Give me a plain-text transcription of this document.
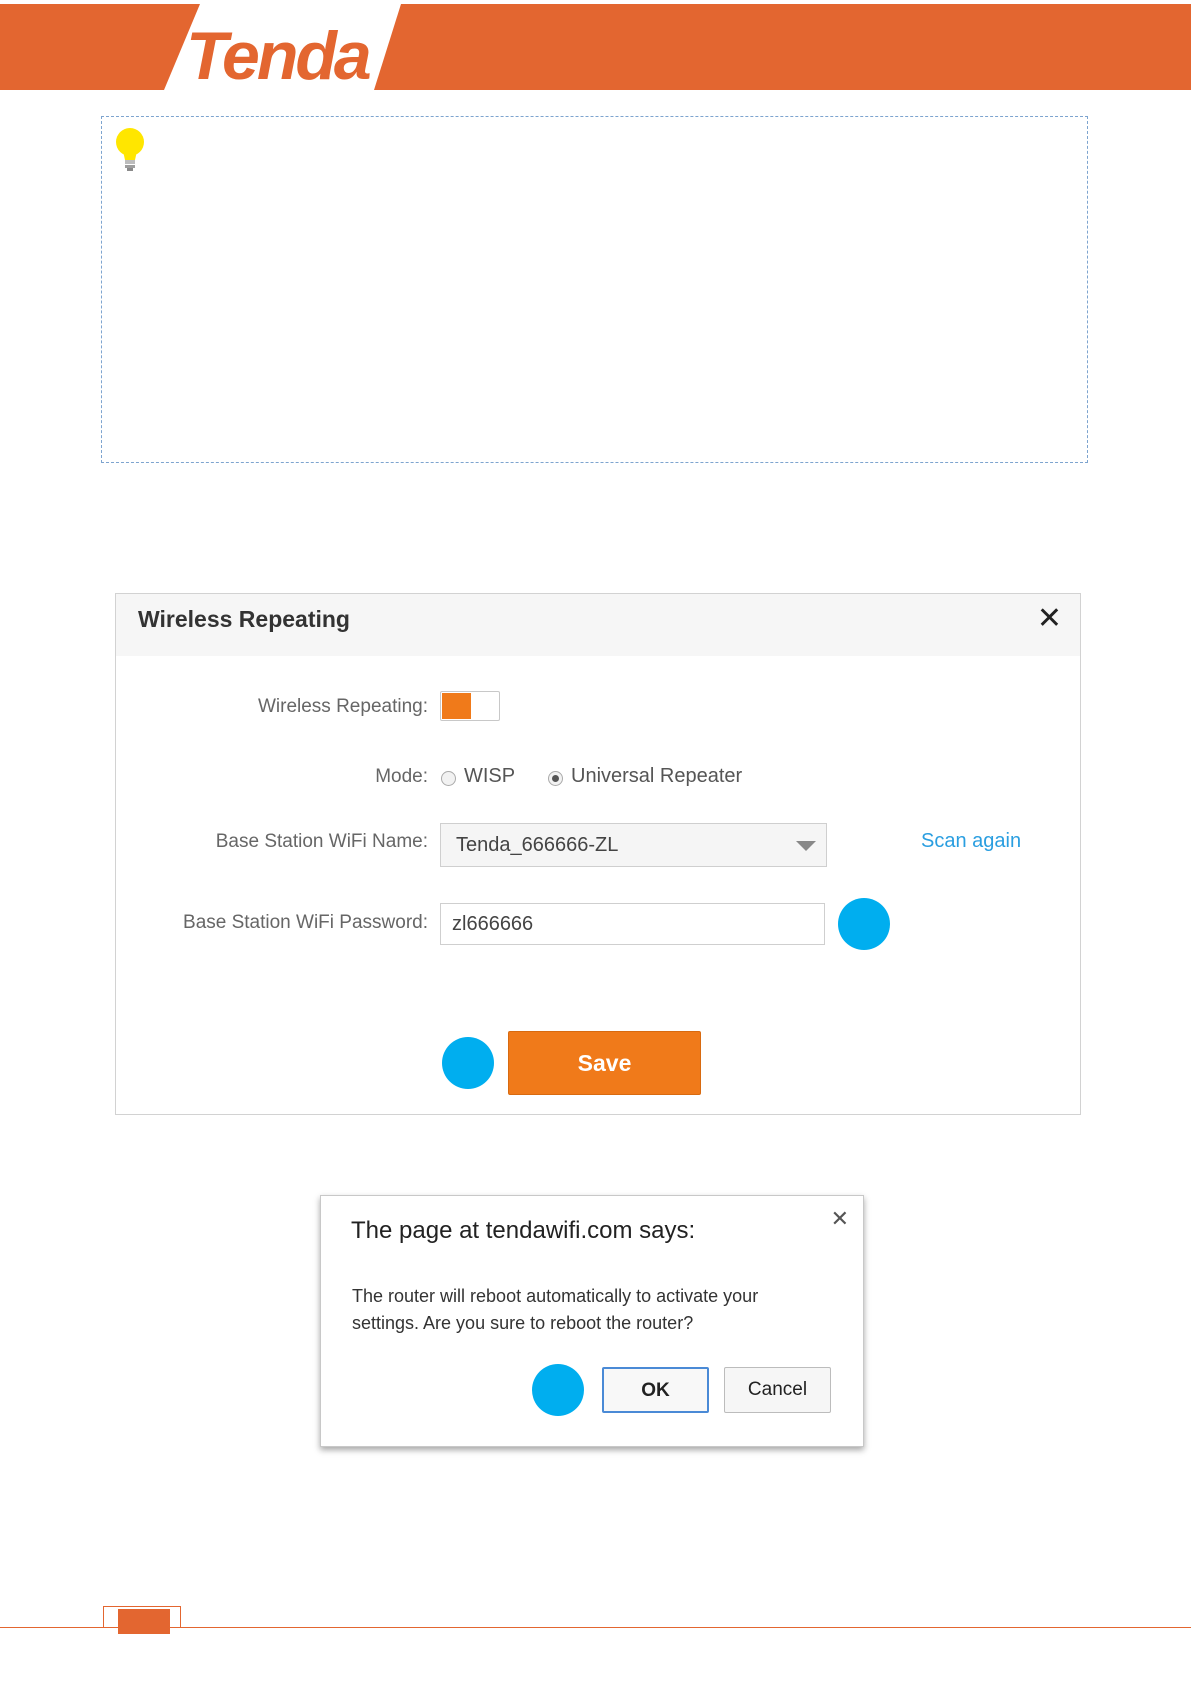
Tenda
Wireless Repeating	✕
Wireless Repeating:
Mode: WISP	Universal Repeater
Base Station WiFi Name: Tenda_666666-ZL	Scan again
Base Station WiFi Password: zl666666
Save
The page at tendawifi.com says:	✕
The router will reboot automatically to activate your settings. Are you sure to reboot the router?
OK	Cancel
